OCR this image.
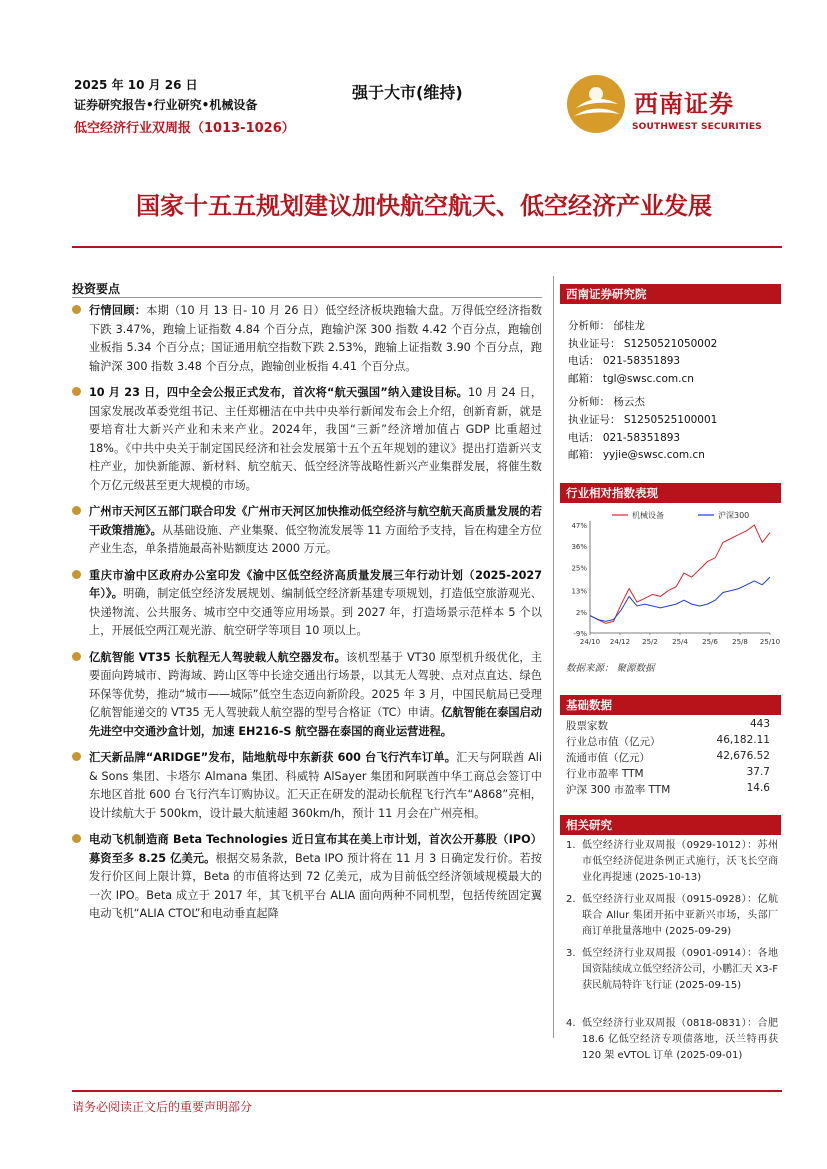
2025 年 10 月 26 日
证券研究报告•行业研究•机械设备
低空经济行业双周报（1013-1026）
强于大市(维持)	西南证券
SOUTHWEST SECURITIES
国家十五五规划建议加快航空航天、低空经济产业发展
投资要点
行情回顾：本期（10 月 13 日- 10 月 26 日）低空经济板块跑输大盘。万得低空经济指数下跌 3.47%，跑输上证指数 4.84 个百分点，跑输沪深 300 指数 4.42 个百分点，跑输创业板指 5.34 个百分点；国证通用航空指数下跌 2.53%，跑输上证指数 3.90 个百分点，跑输沪深 300 指数 3.48 个百分点，跑输创业板指 4.41 个百分点。
10 月 23 日，四中全会公报正式发布，首次将“航天强国”纳入建设目标。10 月 24 日，国家发展改革委党组书记、主任郑栅洁在中共中央举行新闻发布会上介绍，创新育新，就是要培育壮大新兴产业和未来产业。2024年，我国“三新”经济增加值占 GDP 比重超过 18%。《中共中央关于制定国民经济和社会发展第十五个五年规划的建议》提出打造新兴支柱产业，加快新能源、新材料、航空航天、低空经济等战略性新兴产业集群发展，将催生数个万亿元级甚至更大规模的市场。
广州市天河区五部门联合印发《广州市天河区加快推动低空经济与航空航天高质量发展的若干政策措施》。从基础设施、产业集聚、低空物流发展等 11 方面给予支持，旨在构建全方位产业生态，单条措施最高补贴额度达 2000 万元。
重庆市渝中区政府办公室印发《渝中区低空经济高质量发展三年行动计划（2025-2027 年）》。明确，制定低空经济发展规划、编制低空经济新基建专项规划，打造低空旅游观光、快递物流、公共服务、城市空中交通等应用场景。到 2027 年，打造场景示范样本 5 个以上，开展低空两江观光游、航空研学等项目 10 项以上。
亿航智能 VT35 长航程无人驾驶载人航空器发布。该机型基于 VT30 原型机升级优化，主要面向跨城市、跨海域、跨山区等中长途交通出行场景，以其无人驾驶、点对点直达、绿色环保等优势，推动“城市——城际”低空生态迈向新阶段。2025 年 3 月，中国民航局已受理亿航智能递交的 VT35 无人驾驶载人航空器的型号合格证（TC）申请。亿航智能在泰国启动先进空中交通沙盒计划，加速 EH216-S 航空器在泰国的商业运营进程。
汇天新品牌“ARIDGE”发布，陆地航母中东新获 600 台飞行汽车订单。汇天与阿联酋 Ali & Sons 集团、卡塔尔 Almana 集团、科威特 AlSayer 集团和阿联酋中华工商总会签订中东地区首批 600 台飞行汽车订购协议。汇天正在研发的混动长航程飞行汽车“A868”亮相，设计续航大于 500km，设计最大航速超 360km/h，预计 11 月会在广州亮相。
电动飞机制造商 Beta Technologies 近日宣布其在美上市计划，首次公开募股（IPO）募资至多 8.25 亿美元。根据交易条款，Beta IPO 预计将在 11 月 3 日确定发行价。若按发行价区间上限计算，Beta 的市值将达到 72 亿美元，成为目前低空经济领域规模最大的一次 IPO。Beta 成立于 2017 年，其飞机平台 ALIA 面向两种不同机型，包括传统固定翼电动飞机“ALIA CTOL”和电动垂直起降
西南证券研究院
分析师： 邰桂龙
执业证号： S1250521050002
电话： 021-58351893
邮箱： tgl@swsc.com.cn
分析师： 杨云杰
执业证号： S1250525100001
电话： 021-58351893
邮箱： yyjie@swsc.com.cn
行业相对指数表现
47%
36%
25%
13%
2%
-9%
24/10 24/12 25/2 25/4 25/6 25/8 25/10
机械设备	沪深300
数据来源： 聚源数据
基础数据
股票家数	443
行业总市值（亿元）	46,182.11
流通市值（亿元）	42,676.52
行业市盈率 TTM	37.7
沪深 300 市盈率 TTM	14.6
相关研究
1. 低空经济行业双周报（0929-1012）：苏州市低空经济促进条例正式施行，沃飞长空商业化再提速 (2025-10-13)
2. 低空经济行业双周报（0915-0928）：亿航联合 Allur 集团开拓中亚新兴市场，头部厂商订单批量落地中 (2025-09-29)
3. 低空经济行业双周报（0901-0914）：各地国资陆续成立低空经济公司，小鹏汇天 X3-F 获民航局特许飞行证 (2025-09-15)
4. 低空经济行业双周报（0818-0831）：合肥 18.6 亿低空经济专项债落地，沃兰特再获 120 架 eVTOL 订单 (2025-09-01)
请务必阅读正文后的重要声明部分
